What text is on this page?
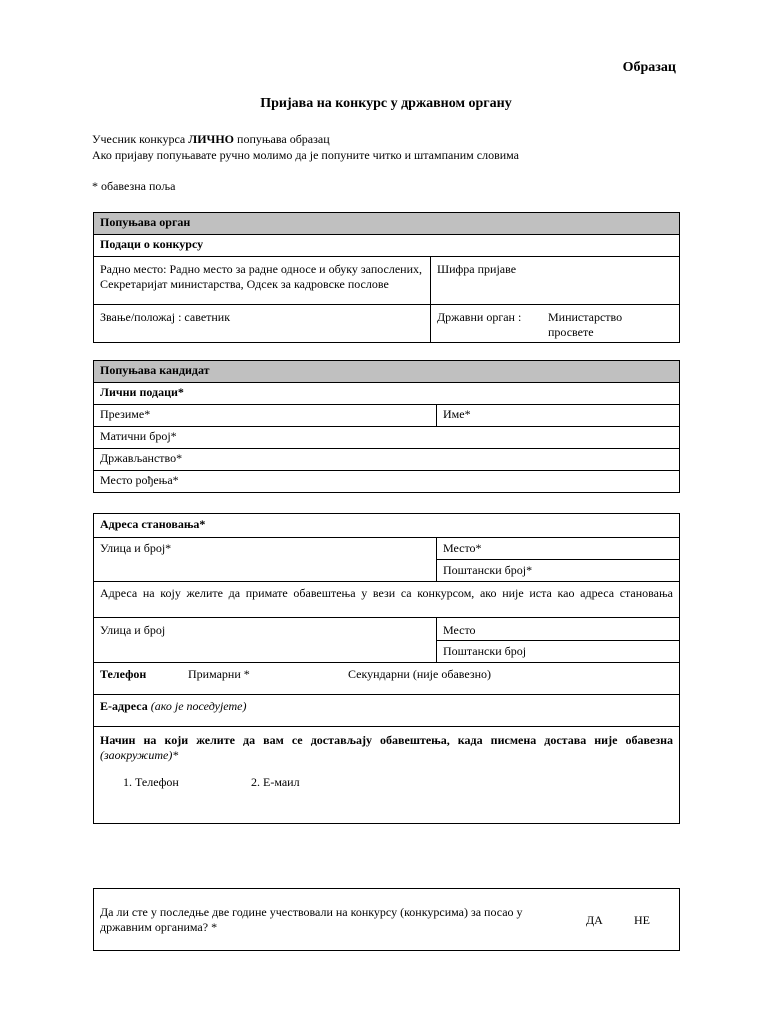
Образац
Пријава на конкурс у државном органу
Учесник конкурса ЛИЧНО попуњава образац
Ако пријаву попуњавате ручно молимо да је попуните читко и штампаним словима
* обавезна поља
Попуњава орган	
Подаци о конкурсу	
Радно место: Радно место за радне односе и обуку запослених, Секретаријат министарства, Одсек за кадровске послове	Шифра пријаве
Звање/положај : саветник	Државни орган : Министарство просвете
Попуњава кандидат
Лични подаци*
Презиме*	Име*
Матични број*
Држављанство*
Место рођења*
Адреса становања*	
Улица и број*	Место*
	Поштански број*

Адреса на коју желите да примате обавештења у вези са конкурсом, ако није иста као адреса становања	

Улица и број	Место
	Поштански број
Телефон Примарни * Секундарни (није обавезно)	
Е-адреса (ако је поседујете)	

Начин на који желите да вам се достављају обавештења, када писмена достава није обавезна
(заокружите)*
1. Телефон 2. Е-маил	
Да ли сте у последње две године учествовали на конкурсу (конкурсима) за посао у државним органима? *
ДА	НЕ
